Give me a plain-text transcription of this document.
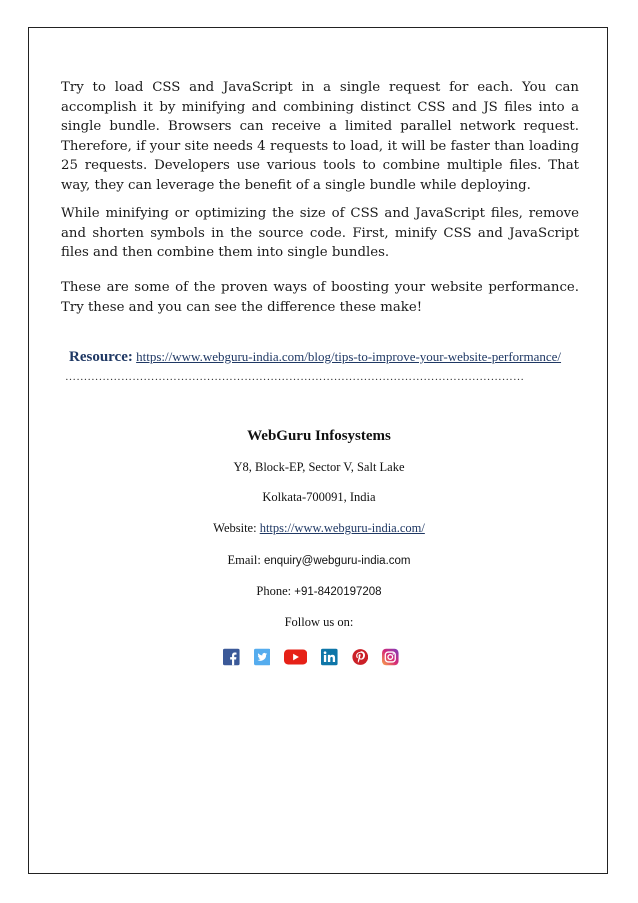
Try to load CSS and JavaScript in a single request for each. You can accomplish it by minifying and combining distinct CSS and JS files into a single bundle. Browsers can receive a limited parallel network request. Therefore, if your site needs 4 requests to load, it will be faster than loading 25 requests. Developers use various tools to combine multiple files. That way, they can leverage the benefit of a single bundle while deploying.

While minifying or optimizing the size of CSS and JavaScript files, remove and shorten symbols in the source code. First, minify CSS and JavaScript files and then combine them into single bundles.

These are some of the proven ways of boosting your website performance. Try these and you can see the difference these make!

Resource: https://www.webguru-india.com/blog/tips-to-improve-your-website-performance/
……………………………………………………………………………………………………………
WebGuru Infosystems
Y8, Block-EP, Sector V, Salt Lake
Kolkata-700091, India
Website: https://www.webguru-india.com/
Email: enquiry@webguru-india.com
Phone: +91-8420197208
Follow us on:
